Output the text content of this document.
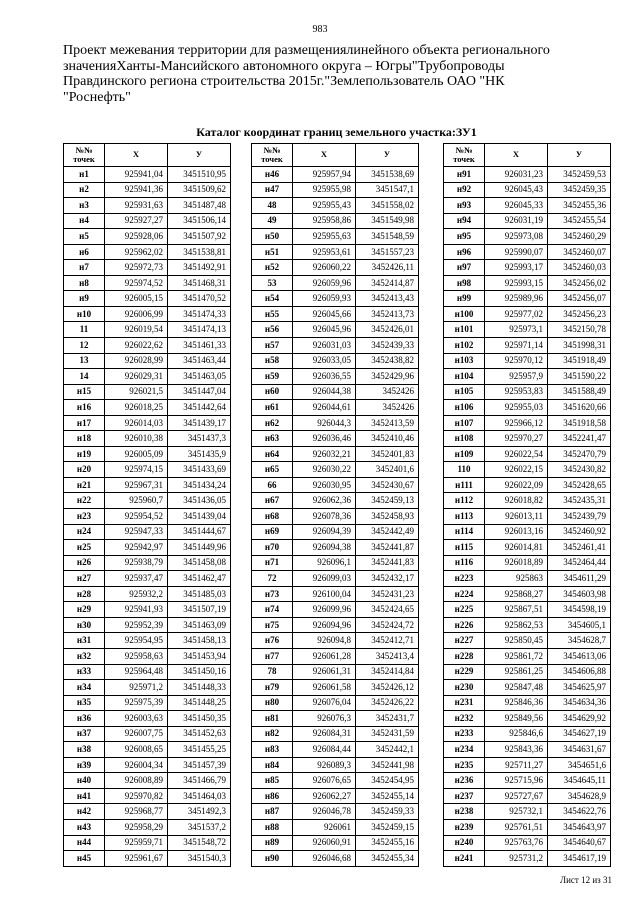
983
Проект межевания территории для размещениялинейного объекта регионального
значенияХанты-Мансийского автономного округа – Югры"Трубопроводы
Правдинского региона строительства 2015г."Землепользователь ОАО "НК
"Роснефть"
Каталог координат границ земельного участка:ЗУ1
№№
точек	X	У
н1	925941,04	3451510,95
н2	925941,36	3451509,62
н3	925931,63	3451487,48
н4	925927,27	3451506,14
н5	925928,06	3451507,92
н6	925962,02	3451538,81
н7	925972,73	3451492,91
н8	925974,52	3451468,31
н9	926005,15	3451470,52
н10	926006,99	3451474,33
11	926019,54	3451474,13
12	926022,62	3451461,33
13	926028,99	3451463,44
14	926029,31	3451463,05
н15	926021,5	3451447,04
н16	926018,25	3451442,64
н17	926014,03	3451439,17
н18	926010,38	3451437,3
н19	926005,09	3451435,9
н20	925974,15	3451433,69
н21	925967,31	3451434,24
н22	925960,7	3451436,05
н23	925954,52	3451439,04
н24	925947,33	3451444,67
н25	925942,97	3451449,96
н26	925938,79	3451458,08
н27	925937,47	3451462,47
н28	925932,2	3451485,03
н29	925941,93	3451507,19
н30	925952,39	3451463,09
н31	925954,95	3451458,13
н32	925958,63	3451453,94
н33	925964,48	3451450,16
н34	925971,2	3451448,33
н35	925975,39	3451448,25
н36	926003,63	3451450,35
н37	926007,75	3451452,63
н38	926008,65	3451455,25
н39	926004,34	3451457,39
н40	926008,89	3451466,79
н41	925970,82	3451464,03
н42	925968,77	3451492,3
н43	925958,29	3451537,2
н44	925959,71	3451548,72
н45	925961,67	3451540,3
№№
точек	X	У
н46	925957,94	3451538,69
н47	925955,98	3451547,1
48	925955,43	3451558,02
49	925958,86	3451549,98
н50	925955,63	3451548,59
н51	925953,61	3451557,23
н52	926060,22	3452426,11
53	926059,96	3452414,87
н54	926059,93	3452413,43
н55	926045,66	3452413,73
н56	926045,96	3452426,01
н57	926031,03	3452439,33
н58	926033,05	3452438,82
н59	926036,55	3452429,96
н60	926044,38	3452426
н61	926044,61	3452426
н62	926044,3	3452413,59
н63	926036,46	3452410,46
н64	926032,21	3452401,83
н65	926030,22	3452401,6
66	926030,95	3452430,67
н67	926062,36	3452459,13
н68	926078,36	3452458,93
н69	926094,39	3452442,49
н70	926094,38	3452441,87
н71	926096,1	3452441,83
72	926099,03	3452432,17
н73	926100,04	3452431,23
н74	926099,96	3452424,65
н75	926094,96	3452424,72
н76	926094,8	3452412,71
н77	926061,28	3452413,4
78	926061,31	3452414,84
н79	926061,58	3452426,12
н80	926076,04	3452426,22
н81	926076,3	3452431,7
н82	926084,31	3452431,59
н83	926084,44	3452442,1
н84	926089,3	3452441,98
н85	926076,65	3452454,95
н86	926062,27	3452455,14
н87	926046,78	3452459,33
н88	926061	3452459,15
н89	926060,91	3452455,16
н90	926046,68	3452455,34
№№
точек	X	У
н91	926031,23	3452459,53
н92	926045,43	3452459,35
н93	926045,33	3452455,36
н94	926031,19	3452455,54
н95	925973,08	3452460,29
н96	925990,07	3452460,07
н97	925993,17	3452460,03
н98	925993,15	3452456,02
н99	925989,96	3452456,07
н100	925977,02	3452456,23
н101	925973,1	3452150,78
н102	925971,14	3451998,31
н103	925970,12	3451918,49
н104	925957,9	3451590,22
н105	925953,83	3451588,49
н106	925955,03	3451620,66
н107	925966,12	3451918,58
н108	925970,27	3452241,47
н109	926022,54	3452470,79
110	926022,15	3452430,82
н111	926022,09	3452428,65
н112	926018,82	3452435,31
н113	926013,11	3452439,79
н114	926013,16	3452460,92
н115	926014,81	3452461,41
н116	926018,89	3452464,44
н223	925863	3454611,29
н224	925868,27	3454603,98
н225	925867,51	3454598,19
н226	925862,53	3454605,1
н227	925850,45	3454628,7
н228	925861,72	3454613,06
н229	925861,25	3454606,88
н230	925847,48	3454625,97
н231	925846,36	3454634,36
н232	925849,56	3454629,92
н233	925846,6	3454627,19
н234	925843,36	3454631,67
н235	925711,27	3454651,6
н236	925715,96	3454645,11
н237	925727,67	3454628,9
н238	925732,1	3454622,76
н239	925761,51	3454643,97
н240	925763,76	3454640,67
н241	925731,2	3454617,19
Лист 12 из 31
